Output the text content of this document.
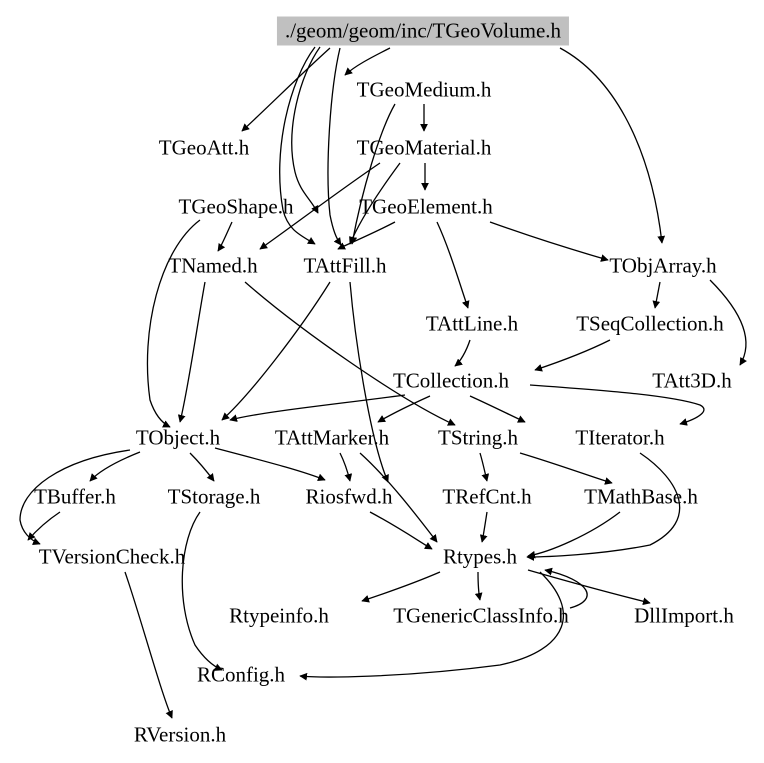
./geom/geom/inc/TGeoVolume.h
TGeoMedium.h
TGeoAtt.h	TGeoMaterial.h
TGeoShape.h	TGeoElement.h
TNamed.h TAttFill.h	TObjArray.h
TAttLine.h	TSeqCollection.h
TCollection.h	TAtt3D.h
TObject.h	TAttMarker.h TString.h	TIterator.h
TBuffer.h TStorage.h Riosfwd.h TRefCnt.h	TMathBase.h
TVersionCheck.h	Rtypes.h
Rtypeinfo.h	TGenericClassInfo.h	DllImport.h
RConfig.h
RVersion.h
